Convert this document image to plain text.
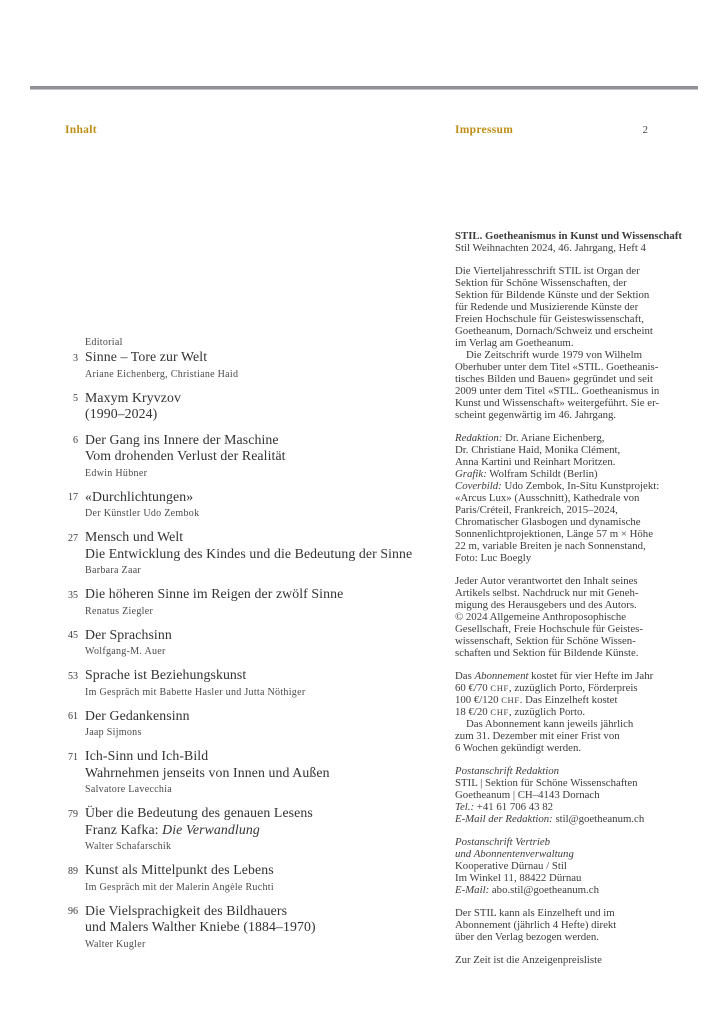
Inhalt	Impressum	2
Editorial
3 Sinne – Tore zur Welt
Ariane Eichenberg, Christiane Haid
5 Maxym Kryvzov
(1990–2024)
6 Der Gang ins Innere der Maschine
Vom drohenden Verlust der Realität
Edwin Hübner
17 «Durchlichtungen»
Der Künstler Udo Zembok
27 Mensch und Welt
Die Entwicklung des Kindes und die Bedeutung der Sinne
Barbara Zaar
35 Die höheren Sinne im Reigen der zwölf Sinne
Renatus Ziegler
45 Der Sprachsinn
Wolfgang-M. Auer
53 Sprache ist Beziehungskunst
Im Gespräch mit Babette Hasler und Jutta Nöthiger
61 Der Gedankensinn
Jaap Sijmons
71 Ich-Sinn und Ich-Bild
Wahrnehmen jenseits von Innen und Außen
Salvatore Lavecchia
79 Über die Bedeutung des genauen Lesens
Franz Kafka: Die Verwandlung
Walter Schafarschik
89 Kunst als Mittelpunkt des Lebens
Im Gespräch mit der Malerin Angèle Ruchti
96 Die Vielsprachigkeit des Bildhauers
und Malers Walther Kniebe (1884–1970)
Walter Kugler
STIL. Goetheanismus in Kunst und Wissenschaft
Stil Weihnachten 2024, 46. Jahrgang, Heft 4
Die Vierteljahresschrift STIL ist Organ der
Sektion für Schöne Wissenschaften, der
Sektion für Bildende Künste und der Sektion
für Redende und Musizierende Künste der
Freien Hochschule für Geisteswissenschaft,
Goetheanum, Dornach/Schweiz und erscheint
im Verlag am Goetheanum.
Die Zeitschrift wurde 1979 von Wilhelm
Oberhuber unter dem Titel «STIL. Goetheanis-
tisches Bilden und Bauen» gegründet und seit
2009 unter dem Titel «STIL. Goetheanismus in
Kunst und Wissenschaft» weitergeführt. Sie er-
scheint gegenwärtig im 46. Jahrgang.
Redaktion: Dr. Ariane Eichenberg,
Dr. Christiane Haid, Monika Clément,
Anna Kartini und Reinhart Moritzen.
Grafik: Wolfram Schildt (Berlin)
Coverbild: Udo Zembok, In-Situ Kunstprojekt:
«Arcus Lux» (Ausschnitt), Kathedrale von
Paris/Créteil, Frankreich, 2015–2024,
Chromatischer Glasbogen und dynamische
Sonnenlichtprojektionen, Länge 57 m × Höhe
22 m, variable Breiten je nach Sonnenstand,
Foto: Luc Boegly
Jeder Autor verantwortet den Inhalt seines
Artikels selbst. Nachdruck nur mit Geneh-
migung des Herausgebers und des Autors.
© 2024 Allgemeine Anthroposophische
Gesellschaft, Freie Hochschule für Geistes-
wissenschaft, Sektion für Schöne Wissen-
schaften und Sektion für Bildende Künste.
Das Abonnement kostet für vier Hefte im Jahr
60 €/70 CHF, zuzüglich Porto, Förderpreis
100 €/120 CHF. Das Einzelheft kostet
18 €/20 CHF, zuzüglich Porto.
Das Abonnement kann jeweils jährlich
zum 31. Dezember mit einer Frist von
6 Wochen gekündigt werden.
Postanschrift Redaktion
STIL | Sektion für Schöne Wissenschaften
Goetheanum | CH–4143 Dornach
Tel.: +41 61 706 43 82
E-Mail der Redaktion: stil@goetheanum.ch
Postanschrift Vertrieb
und Abonnentenverwaltung
Kooperative Dürnau / Stil
Im Winkel 11, 88422 Dürnau
E-Mail: abo.stil@goetheanum.ch
Der STIL kann als Einzelheft und im
Abonnement (jährlich 4 Hefte) direkt
über den Verlag bezogen werden.
Zur Zeit ist die Anzeigenpreisliste
